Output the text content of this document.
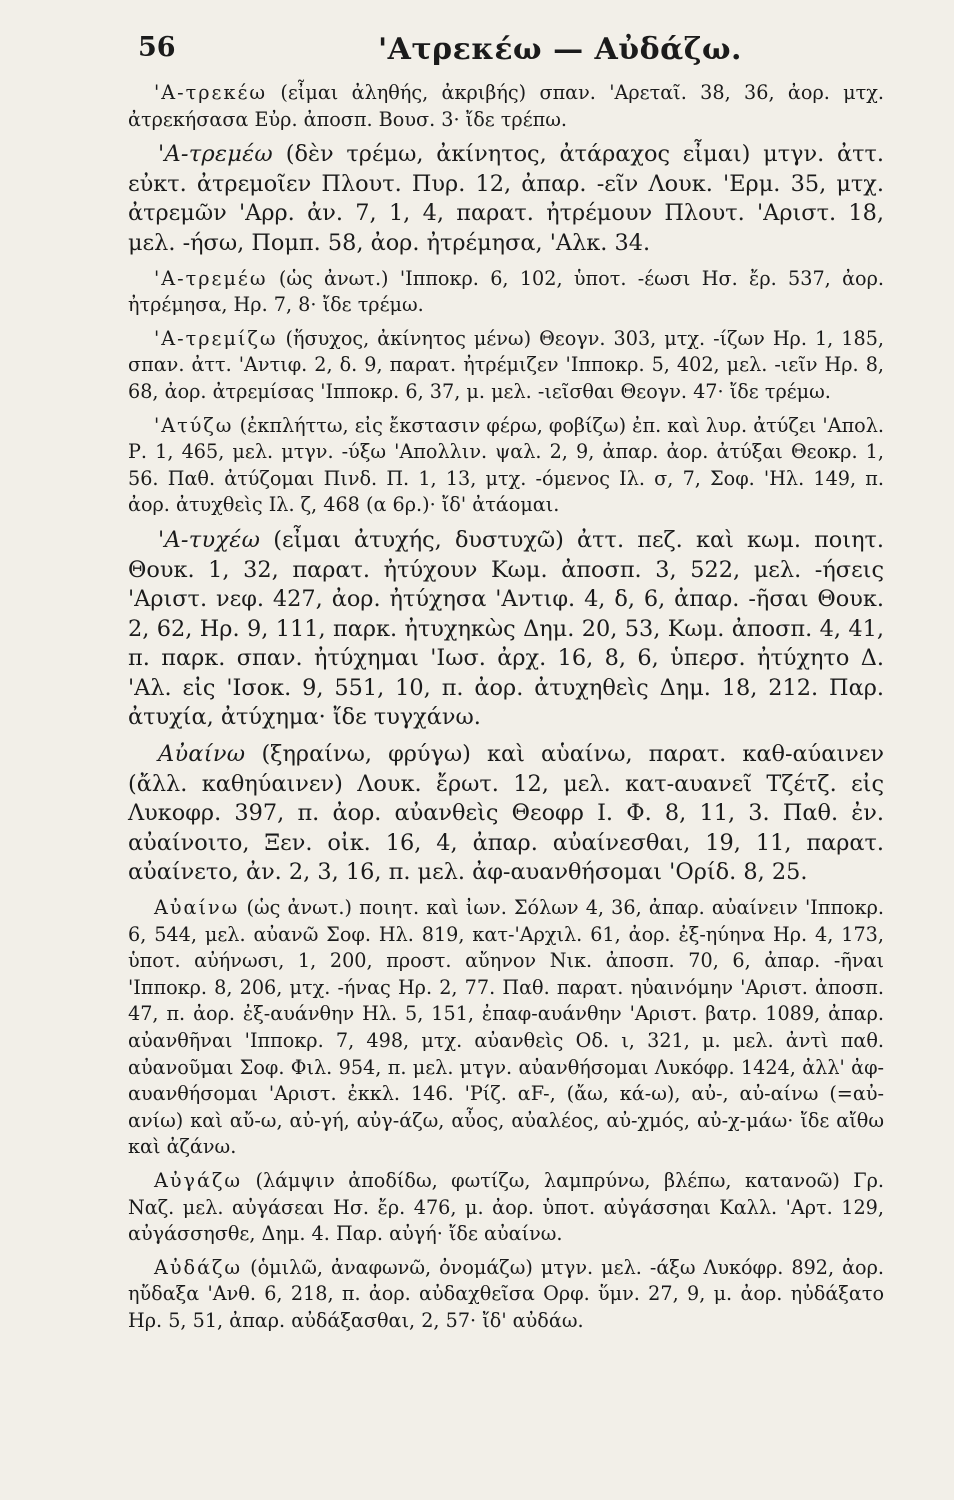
56	'Ατρεκέω — Αὐδάζω.

'Α-τρεκέω (εἶμαι ἀληθής, ἀκριβής) σπαν. 'Αρεταῖ. 38, 36, ἀορ. μτχ. ἀτρεκήσασα Εὐρ. ἀποσπ. Βουσ. 3· ἴδε τρέπω.

'Α-τρεμέω (δὲν τρέμω, ἀκίνητος, ἀτάραχος εἶμαι) μτγν. ἀττ. εὐκτ. ἀτρεμοῖεν Πλουτ. Πυρ. 12, ἀπαρ. -εῖν Λουκ. 'Ερμ. 35, μτχ. ἀτρεμῶν 'Αρρ. ἀν. 7, 1, 4, παρατ. ἠτρέμουν Πλουτ. 'Αριστ. 18, μελ. -ήσω, Πομπ. 58, ἀορ. ἠτρέμησα, 'Αλκ. 34.

'Α-τρεμέω (ὡς ἀνωτ.) 'Ιπποκρ. 6, 102, ὑποτ. -έωσι Ησ. ἔρ. 537, ἀορ. ἠτρέμησα, Ηρ. 7, 8· ἴδε τρέμω.

'Α-τρεμίζω (ἥσυχος, ἀκίνητος μένω) Θεογν. 303, μτχ. -ίζων Ηρ. 1, 185, σπαν. ἀττ. 'Αντιφ. 2, δ. 9, παρατ. ἠτρέμιζεν 'Ιπποκρ. 5, 402, μελ. -ιεῖν Ηρ. 8, 68, ἀορ. ἀτρεμίσας 'Ιπποκρ. 6, 37, μ. μελ. -ιεῖσθαι Θεογν. 47· ἴδε τρέμω.

'Ατύζω (ἐκπλήττω, εἰς ἔκστασιν φέρω, φοβίζω) ἐπ. καὶ λυρ. ἀτύζει 'Απολ. Ρ. 1, 465, μελ. μτγν. -ύξω 'Απολλιν. ψαλ. 2, 9, ἀπαρ. ἀορ. ἀτύξαι Θεοκρ. 1, 56. Παθ. ἀτύζομαι Πινδ. Π. 1, 13, μτχ. -όμενος Ιλ. σ, 7, Σοφ. 'Ηλ. 149, π. ἀορ. ἀτυχθεὶς Ιλ. ζ, 468 (α 6ρ.)· ἴδ' ἀτάομαι.

'Α-τυχέω (εἶμαι ἀτυχής, δυστυχῶ) ἀττ. πεζ. καὶ κωμ. ποιητ. Θουκ. 1, 32, παρατ. ἠτύχουν Κωμ. ἀποσπ. 3, 522, μελ. -ήσεις 'Αριστ. νεφ. 427, ἀορ. ἠτύχησα 'Αντιφ. 4, δ, 6, ἀπαρ. -ῆσαι Θουκ. 2, 62, Ηρ. 9, 111, παρκ. ἠτυχηκὼς Δημ. 20, 53, Κωμ. ἀποσπ. 4, 41, π. παρκ. σπαν. ἠτύχημαι 'Ιωσ. ἀρχ. 16, 8, 6, ὑπερσ. ἠτύχητο Δ. 'Αλ. εἰς 'Ισοκ. 9, 551, 10, π. ἀορ. ἀτυχηθεὶς Δημ. 18, 212. Παρ. ἀτυχία, ἀτύχημα· ἴδε τυγχάνω.

Αὐαίνω (ξηραίνω, φρύγω) καὶ αὑαίνω, παρατ. καθ-αύαινεν (ἄλλ. καθηύαινεν) Λουκ. ἔρωτ. 12, μελ. κατ-αυανεῖ Τζέτζ. εἰς Λυκοφρ. 397, π. ἀορ. αὐανθεὶς Θεοφρ Ι. Φ. 8, 11, 3. Παθ. ἐν. αὐαίνοιτο, Ξεν. οἰκ. 16, 4, ἀπαρ. αὐαίνεσθαι, 19, 11, παρατ. αὐαίνετο, ἀν. 2, 3, 16, π. μελ. ἀφ-αυανθήσομαι 'Ορίδ. 8, 25.

Αὐαίνω (ὡς ἀνωτ.) ποιητ. καὶ ἰων. Σόλων 4, 36, ἀπαρ. αὐαίνειν 'Ιπποκρ. 6, 544, μελ. αὐανῶ Σοφ. Ηλ. 819, κατ-'Αρχιλ. 61, ἀορ. ἐξ-ηύηνα Ηρ. 4, 173, ὑποτ. αὐήνωσι, 1, 200, προστ. αὔηνον Νικ. ἀποσπ. 70, 6, ἀπαρ. -ῆναι 'Ιπποκρ. 8, 206, μτχ. -ήνας Ηρ. 2, 77. Παθ. παρατ. ηὐαινόμην 'Αριστ. ἀποσπ. 47, π. ἀορ. ἐξ-αυάνθην Ηλ. 5, 151, ἐπαφ-αυάνθην 'Αριστ. βατρ. 1089, ἀπαρ. αὐανθῆναι 'Ιπποκρ. 7, 498, μτχ. αὐανθεὶς Οδ. ι, 321, μ. μελ. ἀντὶ παθ. αὐανοῦμαι Σοφ. Φιλ. 954, π. μελ. μτγν. αὐανθήσομαι Λυκόφρ. 1424, ἀλλ' ἀφ-αυανθήσομαι 'Αριστ. ἐκκλ. 146. 'Ρίζ. αF-, (ἄω, κά-ω), αὐ-, αὐ-αίνω (=αὐ-ανίω) καὶ αὔ-ω, αὐ-γή, αὐγ-άζω, αὖος, αὐαλέος, αὐ-χμός, αὐ-χ-μάω· ἴδε αἴθω καὶ ἀζάνω.

Αὐγάζω (λάμψιν ἀποδίδω, φωτίζω, λαμπρύνω, βλέπω, κατανοῶ) Γρ. Ναζ. μελ. αὐγάσεαι Ησ. ἔρ. 476, μ. ἀορ. ὑποτ. αὐγάσσηαι Καλλ. 'Αρτ. 129, αὐγάσσησθε, Δημ. 4. Παρ. αὐγή· ἴδε αὐαίνω.

Αὐδάζω (ὁμιλῶ, ἀναφωνῶ, ὀνομάζω) μτγν. μελ. -άξω Λυκόφρ. 892, ἀορ. ηὔδαξα 'Ανθ. 6, 218, π. ἀορ. αὐδαχθεῖσα Ορφ. ὕμν. 27, 9, μ. ἀορ. ηὐδάξατο Ηρ. 5, 51, ἀπαρ. αὐδάξασθαι, 2, 57· ἴδ' αὐδάω.
